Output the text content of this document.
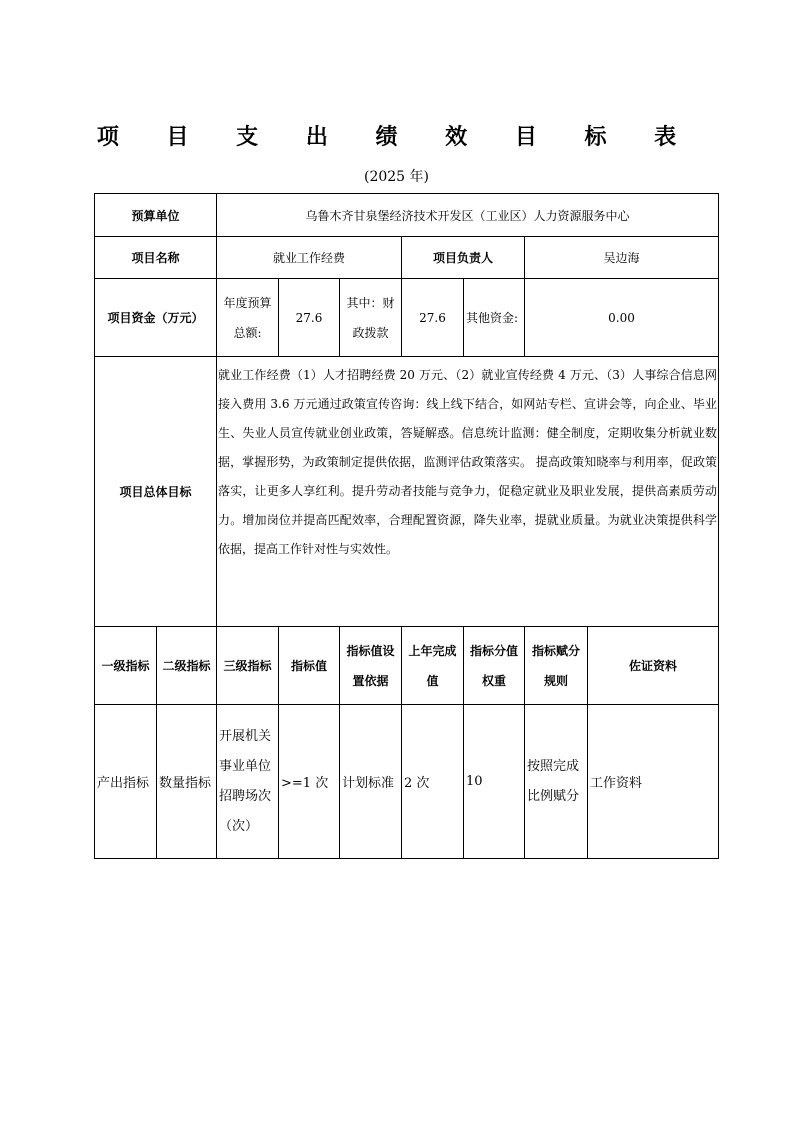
项 目 支 出 绩 效 目 标 表
(2025 年)
预算单位		乌鲁木齐甘泉堡经济技术开发区（工业区）人力资源服务中心						
项目名称		就业工作经费			项目负责人		吴边海	
项目资金（万元）		年度预算总额:	27.6	其中：财政拨款	27.6	其他资金:	0.00	
项目总体目标		就业工作经费（1）人才招聘经费 20 万元、（2）就业宣传经费 4 万元、（3）人事综合信息网接入费用 3.6 万元通过政策宣传咨询：线上线下结合，如网站专栏、宣讲会等，向企业、毕业生、失业人员宣传就业创业政策，答疑解惑。信息统计监测：健全制度，定期收集分析就业数据，掌握形势，为政策制定提供依据，监测评估政策落实。 提高政策知晓率与利用率，促政策落实，让更多人享红利。提升劳动者技能与竞争力，促稳定就业及职业发展，提供高素质劳动力。增加岗位并提高匹配效率，合理配置资源，降失业率，提就业质量。为就业决策提供科学依据，提高工作针对性与实效性。						
一级指标	二级指标	三级指标	指标值	指标值设置依据	上年完成值	指标分值权重	指标赋分规则	佐证资料
产出指标	数量指标	开展机关事业单位招聘场次（次）	>=1 次	计划标准	2 次	10	按照完成比例赋分	工作资料
